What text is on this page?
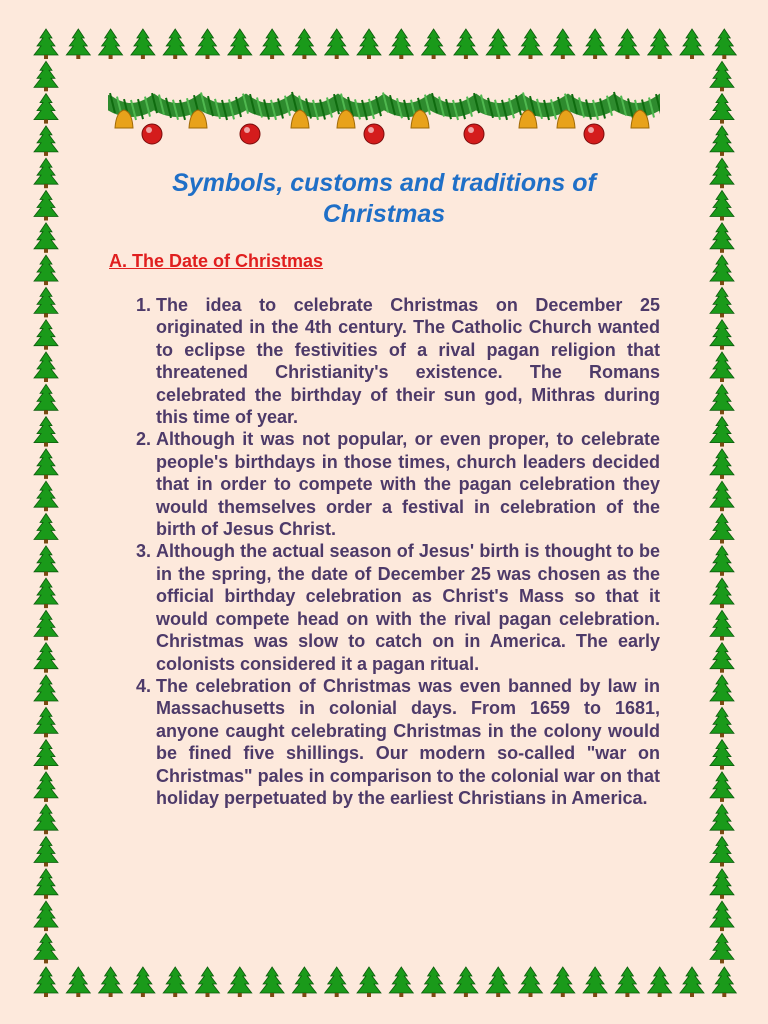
Symbols, customs and traditions of Christmas
A. The Date of Christmas
1. The idea to celebrate Christmas on December 25 originated in the 4th century. The Catholic Church wanted to eclipse the festivities of a rival pagan religion that threatened Christianity's existence. The Romans celebrated the birthday of their sun god, Mithras during this time of year.
2. Although it was not popular, or even proper, to celebrate people's birthdays in those times, church leaders decided that in order to compete with the pagan celebration they would themselves order a festival in celebration of the birth of Jesus Christ.
3. Although the actual season of Jesus' birth is thought to be in the spring, the date of December 25 was chosen as the official birthday celebration as Christ's Mass so that it would compete head on with the rival pagan celebration. Christmas was slow to catch on in America. The early colonists considered it a pagan ritual.
4. The celebration of Christmas was even banned by law in Massachusetts in colonial days. From 1659 to 1681, anyone caught celebrating Christmas in the colony would be fined five shillings. Our modern so-called "war on Christmas" pales in comparison to the colonial war on that holiday perpetuated by the earliest Christians in America.
